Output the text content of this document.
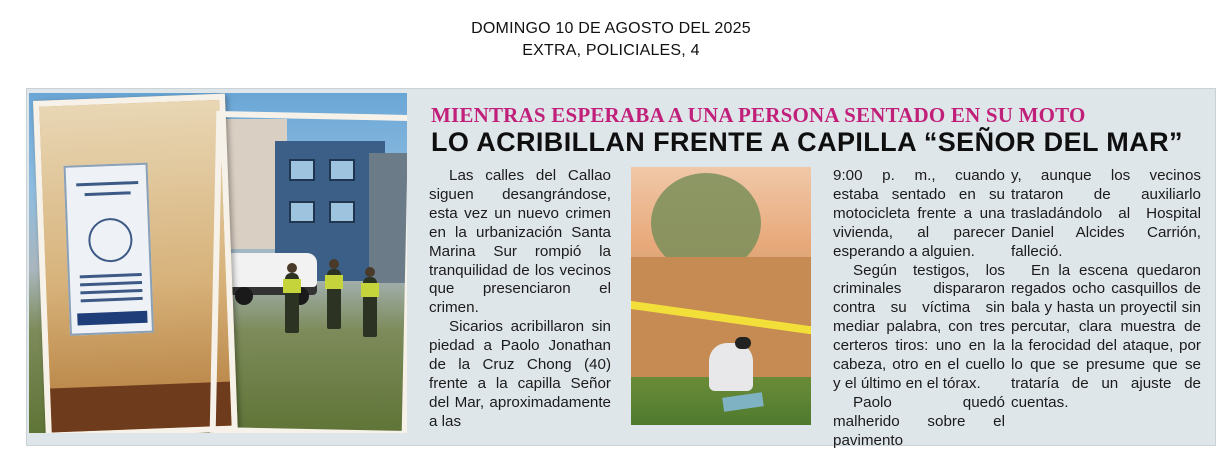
DOMINGO 10 DE AGOSTO DEL 2025
EXTRA, POLICIALES, 4
MIENTRAS ESPERABA A UNA PERSONA SENTADO EN SU MOTO
LO ACRIBILLAN FRENTE A CAPILLA “SEÑOR DEL MAR”

Las calles del Callao siguen desangrándose, esta vez un nuevo crimen en la urbanización Santa Marina Sur rompió la tranquilidad de los vecinos que presenciaron el crimen.

Sicarios acribillaron sin piedad a Paolo Jonathan de la Cruz Chong (40) frente a la capilla Señor del Mar, aproximadamente a las

9:00 p. m., cuando estaba sentado en su motocicleta frente a una vivienda, al parecer esperando a alguien.

Según testigos, los criminales dispararon contra su víctima sin mediar palabra, con tres certeros tiros: uno en la cabeza, otro en el cuello y el último en el tórax.

Paolo quedó malherido sobre el pavimento

y, aunque los vecinos trataron de auxiliarlo trasladándolo al Hospital Daniel Alcides Carrión, falleció.

En la escena quedaron regados ocho casquillos de bala y hasta un proyectil sin percutar, clara muestra de la ferocidad del ataque, por lo que se presume que se trataría de un ajuste de cuentas.
